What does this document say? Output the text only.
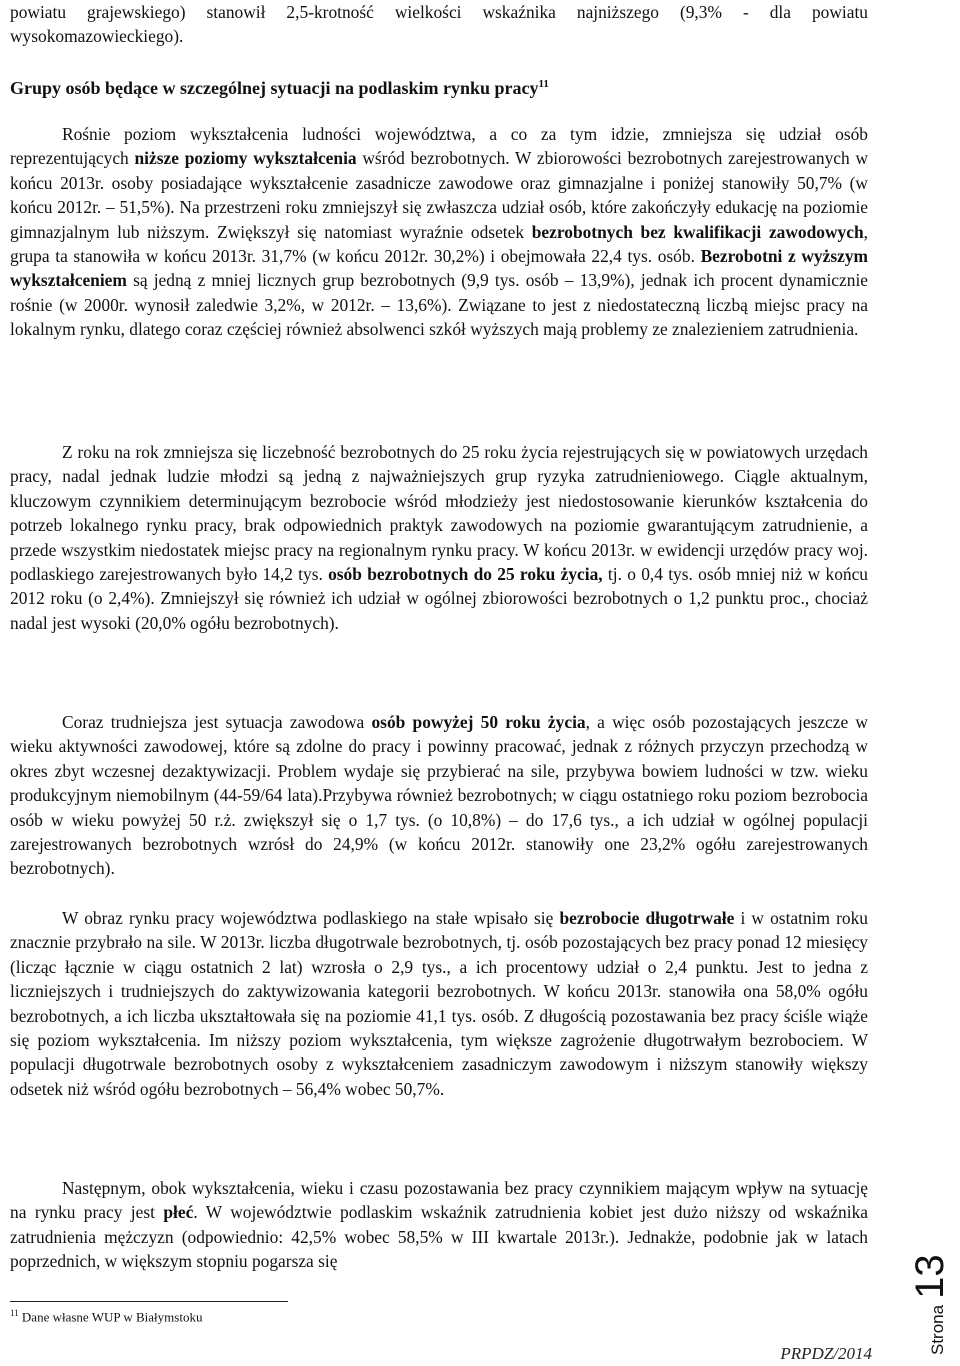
powiatu grajewskiego) stanowił 2,5-krotność wielkości wskaźnika najniższego (9,3% - dla powiatu wysokomazowieckiego).

Grupy osób będące w szczególnej sytuacji na podlaskim rynku pracy$^{11}$

Rośnie poziom wykształcenia ludności województwa, a co za tym idzie, zmniejsza się udział osób reprezentujących niższe poziomy wykształcenia wśród bezrobotnych. W zbiorowości bezrobotnych zarejestrowanych w końcu 2013r. osoby posiadające wykształcenie zasadnicze zawodowe oraz gimnazjalne i poniżej stanowiły 50,7% (w końcu 2012r. – 51,5%). Na przestrzeni roku zmniejszył się zwłaszcza udział osób, które zakończyły edukację na poziomie gimnazjalnym lub niższym. Zwiększył się natomiast wyraźnie odsetek bezrobotnych bez kwalifikacji zawodowych, grupa ta stanowiła w końcu 2013r. 31,7% (w końcu 2012r. 30,2%) i obejmowała 22,4 tys. osób. Bezrobotni z wyższym wykształceniem są jedną z mniej licznych grup bezrobotnych (9,9 tys. osób – 13,9%), jednak ich procent dynamicznie rośnie (w 2000r. wynosił zaledwie 3,2%, w 2012r. – 13,6%). Związane to jest z niedostateczną liczbą miejsc pracy na lokalnym rynku, dlatego coraz częściej również absolwenci szkół wyższych mają problemy ze znalezieniem zatrudnienia.

Z roku na rok zmniejsza się liczebność bezrobotnych do 25 roku życia rejestrujących się w powiatowych urzędach pracy, nadal jednak ludzie młodzi są jedną z najważniejszych grup ryzyka zatrudnieniowego. Ciągle aktualnym, kluczowym czynnikiem determinującym bezrobocie wśród młodzieży jest niedostosowanie kierunków kształcenia do potrzeb lokalnego rynku pracy, brak odpowiednich praktyk zawodowych na poziomie gwarantującym zatrudnienie, a przede wszystkim niedostatek miejsc pracy na regionalnym rynku pracy. W końcu 2013r. w ewidencji urzędów pracy woj. podlaskiego zarejestrowanych było 14,2 tys. osób bezrobotnych do 25 roku życia, tj. o 0,4 tys. osób mniej niż w końcu 2012 roku (o 2,4%). Zmniejszył się również ich udział w ogólnej zbiorowości bezrobotnych o 1,2 punktu proc., chociaż nadal jest wysoki (20,0% ogółu bezrobotnych).

Coraz trudniejsza jest sytuacja zawodowa osób powyżej 50 roku życia, a więc osób pozostających jeszcze w wieku aktywności zawodowej, które są zdolne do pracy i powinny pracować, jednak z różnych przyczyn przechodzą w okres zbyt wczesnej dezaktywizacji. Problem wydaje się przybierać na sile, przybywa bowiem ludności w tzw. wieku produkcyjnym niemobilnym (44-59/64 lata).Przybywa również bezrobotnych; w ciągu ostatniego roku poziom bezrobocia osób w wieku powyżej 50 r.ż. zwiększył się o 1,7 tys. (o 10,8%) – do 17,6 tys., a ich udział w ogólnej populacji zarejestrowanych bezrobotnych wzrósł do 24,9% (w końcu 2012r. stanowiły one 23,2% ogółu zarejestrowanych bezrobotnych).

W obraz rynku pracy województwa podlaskiego na stałe wpisało się bezrobocie długotrwałe i w ostatnim roku znacznie przybrało na sile. W 2013r. liczba długotrwale bezrobotnych, tj. osób pozostających bez pracy ponad 12 miesięcy (licząc łącznie w ciągu ostatnich 2 lat) wzrosła o 2,9 tys., a ich procentowy udział o 2,4 punktu. Jest to jedna z liczniejszych i trudniejszych do zaktywizowania kategorii bezrobotnych. W końcu 2013r. stanowiła ona 58,0% ogółu bezrobotnych, a ich liczba ukształtowała się na poziomie 41,1 tys. osób. Z długością pozostawania bez pracy ściśle wiąże się poziom wykształcenia. Im niższy poziom wykształcenia, tym większe zagrożenie długotrwałym bezrobociem. W populacji długotrwale bezrobotnych osoby z wykształceniem zasadniczym zawodowym i niższym stanowiły większy odsetek niż wśród ogółu bezrobotnych – 56,4% wobec 50,7%.

Następnym, obok wykształcenia, wieku i czasu pozostawania bez pracy czynnikiem mającym wpływ na sytuację na rynku pracy jest płeć. W województwie podlaskim wskaźnik zatrudnienia kobiet jest dużo niższy od wskaźnika zatrudnienia mężczyzn (odpowiednio: 42,5% wobec 58,5% w III kwartale 2013r.). Jednakże, podobnie jak w latach poprzednich, w większym stopniu pogarsza się

$^{11}$ Dane własne WUP w Białymstoku	Strona
13
PRPDZ/2014
